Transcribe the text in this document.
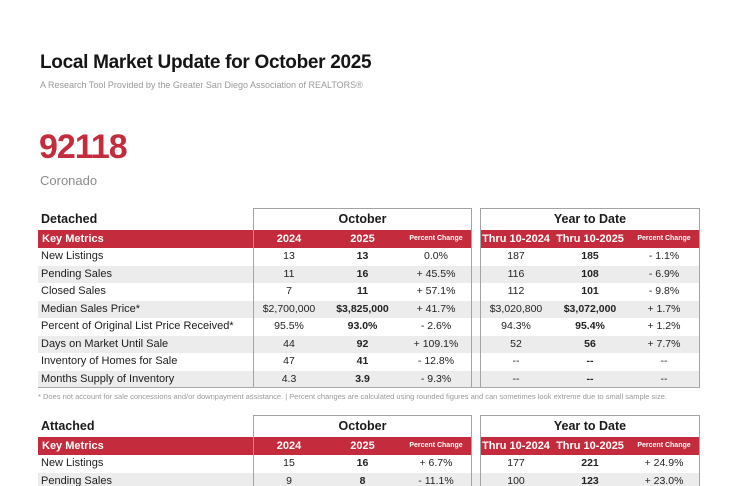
Local Market Update for October 2025
A Research Tool Provided by the Greater San Diego Association of REALTORS®
92118
Coronado
Detached	October	Year to Date
Key Metrics	2024	2025	Percent Change	Thru 10-2024 Thru 10-2025	Percent Change
New Listings	13	13	0.0%	187	185	- 1.1%
Pending Sales	11	16	+ 45.5%	116	108	- 6.9%
Closed Sales	7	11	+ 57.1%	112	101	- 9.8%
Median Sales Price*	$2,700,000	$3,825,000	+ 41.7%	$3,020,800	$3,072,000	+ 1.7%
Percent of Original List Price Received*	95.5%	93.0%	- 2.6%	94.3%	95.4%	+ 1.2%
Days on Market Until Sale	44	92	+ 109.1%	52	56	+ 7.7%
Inventory of Homes for Sale	47	41	- 12.8%	--	--	--
Months Supply of Inventory	4.3	3.9	- 9.3%	--	--	--
* Does not account for sale concessions and/or downpayment assistance. | Percent changes are calculated using rounded figures and can sometimes look extreme due to small sample size.
Attached	October	Year to Date
Key Metrics	2024	2025	Percent Change	Thru 10-2024 Thru 10-2025	Percent Change
New Listings	15	16	+ 6.7%	177	221	+ 24.9%
Pending Sales	9	8	- 11.1%	100	123	+ 23.0%
